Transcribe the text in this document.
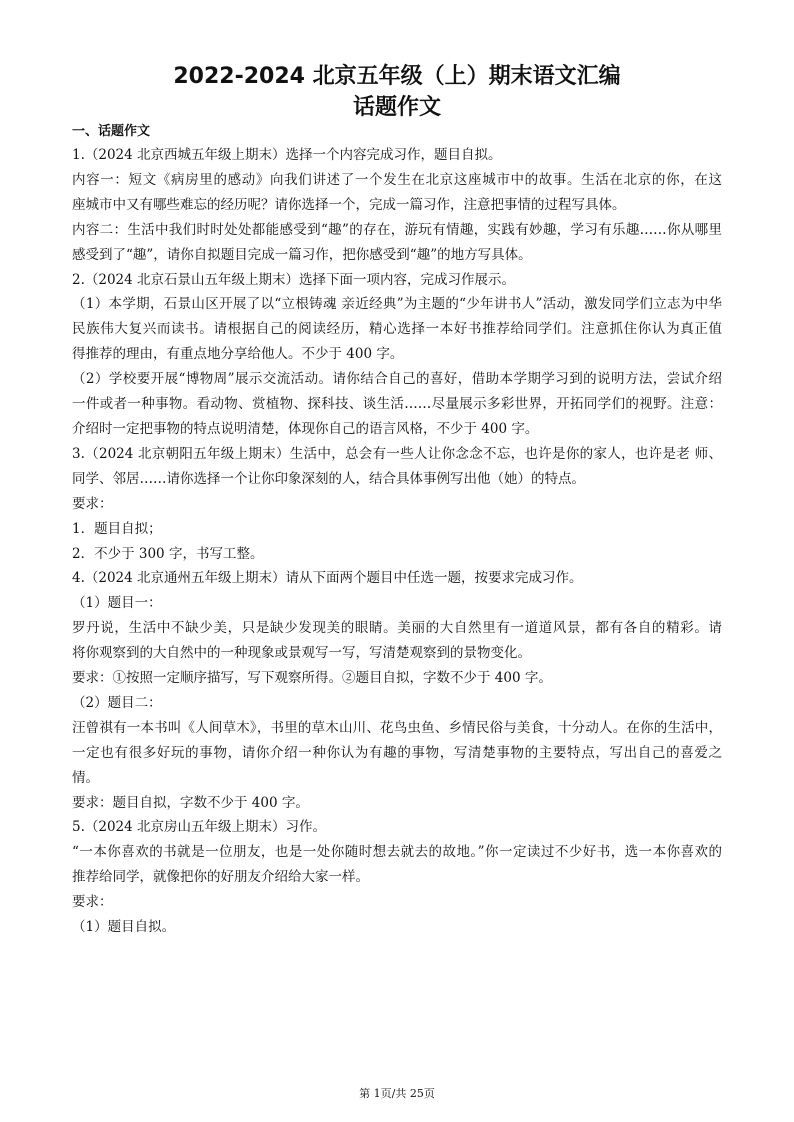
2022-2024 北京五年级（上）期末语文汇编
话题作文
一、话题作文
1.（2024 北京西城五年级上期末）选择一个内容完成习作，题目自拟。
内容一：短文《病房里的感动》向我们讲述了一个发生在北京这座城市中的故事。生活在北京的你，在这
座城市中又有哪些难忘的经历呢？请你选择一个，完成一篇习作，注意把事情的过程写具体。
内容二：生活中我们时时处处都能感受到“趣”的存在，游玩有情趣，实践有妙趣，学习有乐趣……你从哪里
感受到了“趣”，请你自拟题目完成一篇习作，把你感受到“趣”的地方写具体。
2.（2024 北京石景山五年级上期末）选择下面一项内容，完成习作展示。
（1）本学期，石景山区开展了以“立根铸魂 亲近经典”为主题的“少年讲书人”活动，激发同学们立志为中华
民族伟大复兴而读书。请根据自己的阅读经历，精心选择一本好书推荐给同学们。注意抓住你认为真正值
得推荐的理由，有重点地分享给他人。不少于 400 字。
（2）学校要开展“博物周”展示交流活动。请你结合自己的喜好，借助本学期学习到的说明方法，尝试介绍
一件或者一种事物。看动物、赏植物、探科技、谈生活……尽量展示多彩世界，开拓同学们的视野。注意：
介绍时一定把事物的特点说明清楚，体现你自己的语言风格，不少于 400 字。
3.（2024 北京朝阳五年级上期末）生活中，总会有一些人让你念念不忘，也许是你的家人，也许是老 师、
同学、邻居……请你选择一个让你印象深刻的人，结合具体事例写出他（她）的特点。
要求：
1．题目自拟；
2．不少于 300 字，书写工整。
4.（2024 北京通州五年级上期末）请从下面两个题目中任选一题，按要求完成习作。
（1）题目一：
罗丹说，生活中不缺少美，只是缺少发现美的眼睛。美丽的大自然里有一道道风景，都有各自的精彩。请
将你观察到的大自然中的一种现象或景观写一写，写清楚观察到的景物变化。
要求：①按照一定顺序描写，写下观察所得。②题目自拟，字数不少于 400 字。
（2）题目二：
汪曾祺有一本书叫《人间草木》，书里的草木山川、花鸟虫鱼、乡情民俗与美食，十分动人。在你的生活中，
一定也有很多好玩的事物，请你介绍一种你认为有趣的事物，写清楚事物的主要特点，写出自己的喜爱之
情。
要求：题目自拟，字数不少于 400 字。
5.（2024 北京房山五年级上期末）习作。
“一本你喜欢的书就是一位朋友，也是一处你随时想去就去的故地。”你一定读过不少好书，选一本你喜欢的
推荐给同学，就像把你的好朋友介绍给大家一样。
要求：
（1）题目自拟。
第 1页/共 25页
